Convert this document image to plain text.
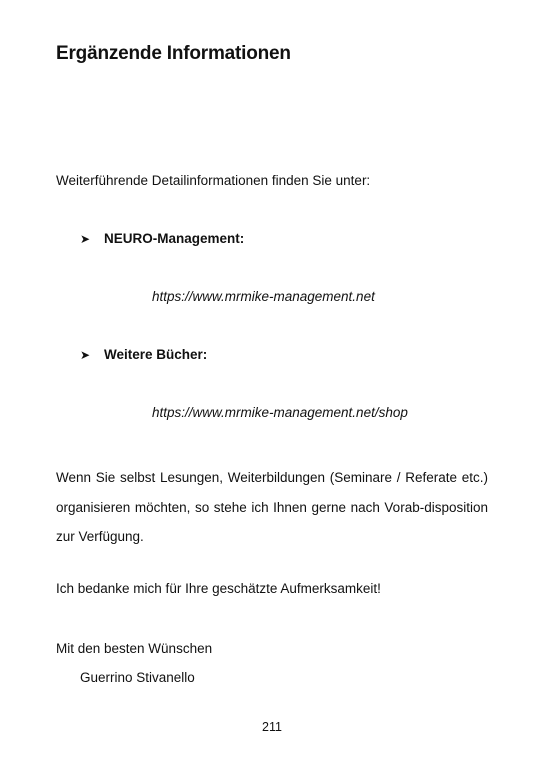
Ergänzende Informationen

Weiterführende Detailinformationen finden Sie unter:

➤ NEURO-Management:
https://www.mrmike-management.net
➤ Weitere Bücher:
https://www.mrmike-management.net/shop

Wenn Sie selbst Lesungen, Weiterbildungen (Seminare / Referate etc.) organisieren möchten, so stehe ich Ihnen gerne nach Vorab-disposition zur Verfügung.

Ich bedanke mich für Ihre geschätzte Aufmerksamkeit!

Mit den besten Wünschen

Guerrino Stivanello

211
